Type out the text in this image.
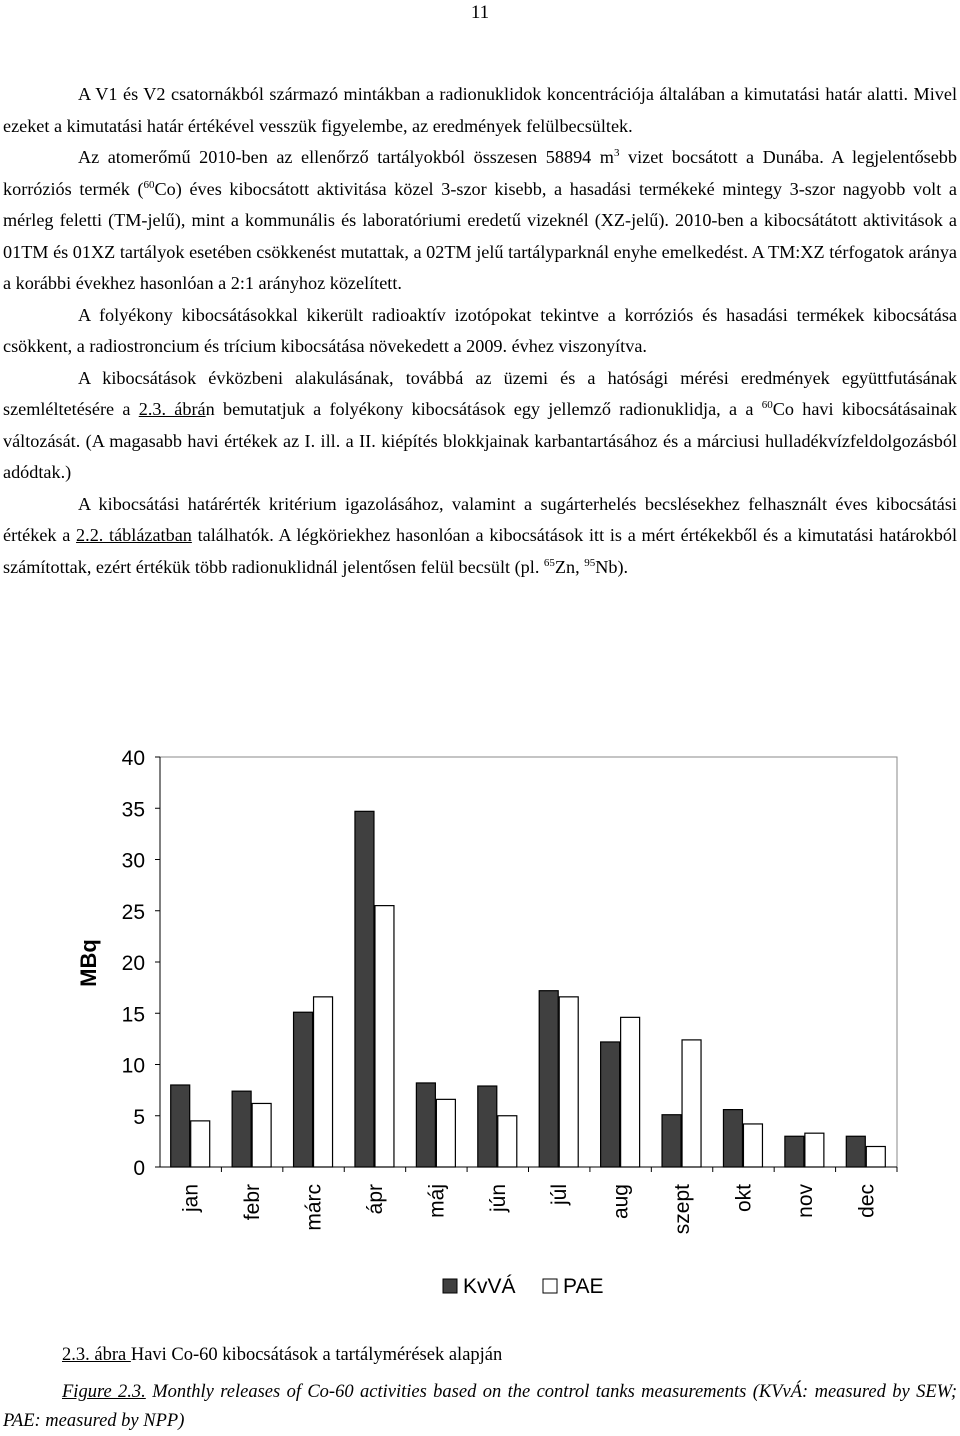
11

A V1 és V2 csatornákból származó mintákban a radionuklidok koncentrációja általában a kimutatási határ alatti. Mivel ezeket a kimutatási határ értékével vesszük figyelembe, az eredmények felülbecsültek.

Az atomerőmű 2010-ben az ellenőrző tartályokból összesen 58894 $m^3$ vizet bocsátott a Dunába. A legjelentősebb korróziós termék ($^{60}$Co) éves kibocsátott aktivitása közel 3-szor kisebb, a hasadási termékeké mintegy 3-szor nagyobb volt a mérleg feletti (TM-jelű), mint a kommunális és laboratóriumi eredetű vizeknél (XZ-jelű). 2010-ben a kibocsátátott aktivitások a 01TM és 01XZ tartályok esetében csökkenést mutattak, a 02TM jelű tartályparknál enyhe emelkedést. A TM:XZ térfogatok aránya a korábbi évekhez hasonlóan a 2:1 arányhoz közelített.

A folyékony kibocsátásokkal kikerült radioaktív izotópokat tekintve a korróziós és hasadási termékek kibocsátása csökkent, a radiostroncium és trícium kibocsátása növekedett a 2009. évhez viszonyítva.

A kibocsátások évközbeni alakulásának, továbbá az üzemi és a hatósági mérési eredmények együttfutásának szemléltetésére a 2.3. ábrán bemutatjuk a folyékony kibocsátások egy jellemző radionuklidja, a a $^{60}$Co havi kibocsátásainak változását. (A magasabb havi értékek az I. ill. a II. kiépítés blokkjainak karbantartásához és a márciusi hulladékvízfeldolgozásból adódtak.)

A kibocsátási határérték kritérium igazolásához, valamint a sugárterhelés becslésekhez felhasznált éves kibocsátási értékek a 2.2. táblázatban találhatók. A légköriekhez hasonlóan a kibocsátások itt is a mért értékekből és a kimutatási határokból számítottak, ezért értékük több radionuklidnál jelentősen felül becsült (pl. $^{65}$Zn, $^{95}$Nb).

0
5
10
15
20
25
30
35
40
jan febr márc ápr máj jún júl aug szept okt nov dec
MBq
KvVÁ PAE
2.3. ábra Havi Co-60 kibocsátások a tartálymérések alapján
Figure 2.3. Monthly releases of Co-60 activities based on the control tanks measurements (KVvÁ: measured by SEW; PAE: measured by NPP)
